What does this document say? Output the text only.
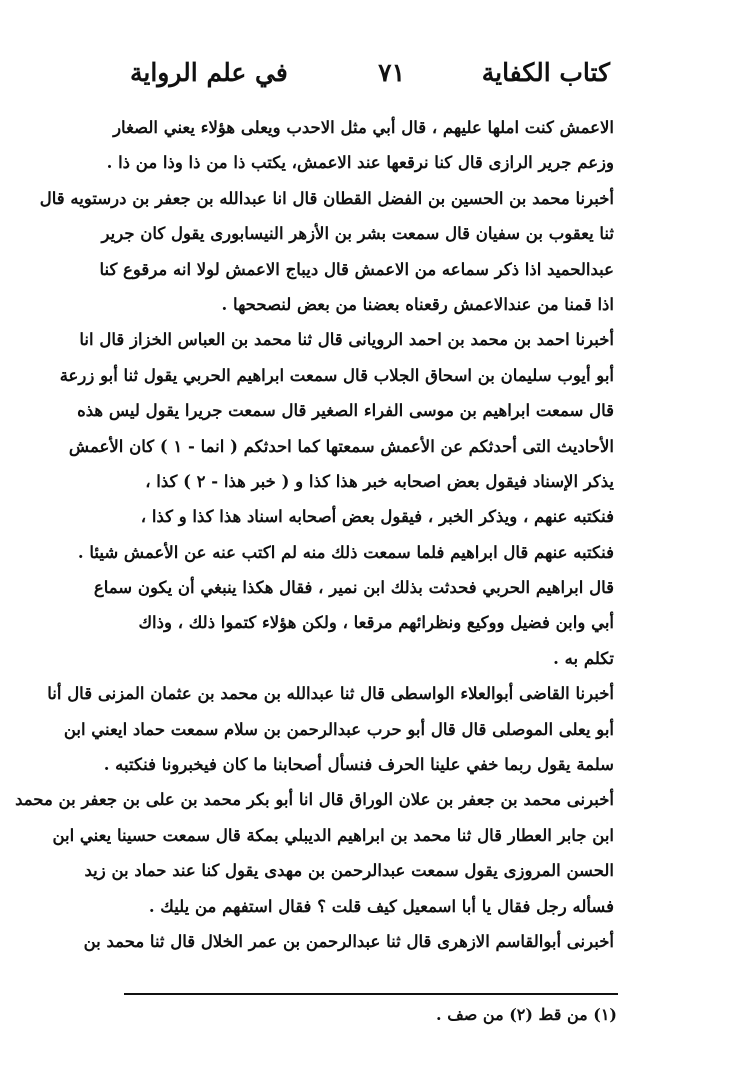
كتاب الكفاية
٧١
في علم الرواية
الاعمش كنت املها عليهم ، قال أبي مثل الاحدب ويعلى هؤلاء يعني الصغار
وزعم جرير الرازى قال كنا نرقعها عند الاعمش، يكتب ذا من ذا وذا من ذا .
أخبرنا محمد بن الحسين بن الفضل القطان قال انا عبدالله بن جعفر بن درستويه قال
ثنا يعقوب بن سفيان قال سمعت بشر بن الأزهر النيسابورى يقول كان جرير
عبدالحميد اذا ذكر سماعه من الاعمش قال ديباج الاعمش لولا انه مرقوع كنا
اذا قمنا من عندالاعمش رقعناه بعضنا من بعض لنصححها .
أخبرنا احمد بن محمد بن احمد الرويانى قال ثنا محمد بن العباس الخزاز قال انا
أبو أيوب سليمان بن اسحاق الجلاب قال سمعت ابراهيم الحربي يقول ثنا أبو زرعة
قال سمعت ابراهيم بن موسى الفراء الصغير قال سمعت جريرا يقول ليس هذه
الأحاديث التى أحدثكم عن الأعمش سمعتها كما احدثكم ( انما - ١ ) كان الأعمش
يذكر الإسناد فيقول بعض اصحابه خبر هذا كذا و ( خبر هذا - ٢ ) كذا ،
فنكتبه عنهم ، ويذكر الخبر ، فيقول بعض أصحابه اسناد هذا كذا و كذا ،
فنكتبه عنهم قال ابراهيم فلما سمعت ذلك منه لم اكتب عنه عن الأعمش شيئا .
قال ابراهيم الحربي فحدثت بذلك ابن نمير ، فقال هكذا ينبغي أن يكون سماع
أبي وابن فضيل ووكيع ونظرائهم مرقعا ، ولكن هؤلاء كتموا ذلك ، وذاك
تكلم به .
أخبرنا القاضى أبوالعلاء الواسطى قال ثنا عبدالله بن محمد بن عثمان المزنى قال أنا
أبو يعلى الموصلى قال قال أبو حرب عبدالرحمن بن سلام سمعت حماد ايعني ابن
سلمة يقول ربما خفي علينا الحرف فنسأل أصحابنا ما كان فيخبرونا فنكتبه .
أخبرنى محمد بن جعفر بن علان الوراق قال انا أبو بكر محمد بن على بن جعفر بن محمد
ابن جابر العطار قال ثنا محمد بن ابراهيم الديبلي بمكة قال سمعت حسينا يعني ابن
الحسن المروزى يقول سمعت عبدالرحمن بن مهدى يقول كنا عند حماد بن زيد
فسأله رجل فقال يا أبا اسمعيل كيف قلت ؟ فقال استفهم من يليك .
أخبرنى أبوالقاسم الازهرى قال ثنا عبدالرحمن بن عمر الخلال قال ثنا محمد بن
(١) من قط (٢) من صف .
